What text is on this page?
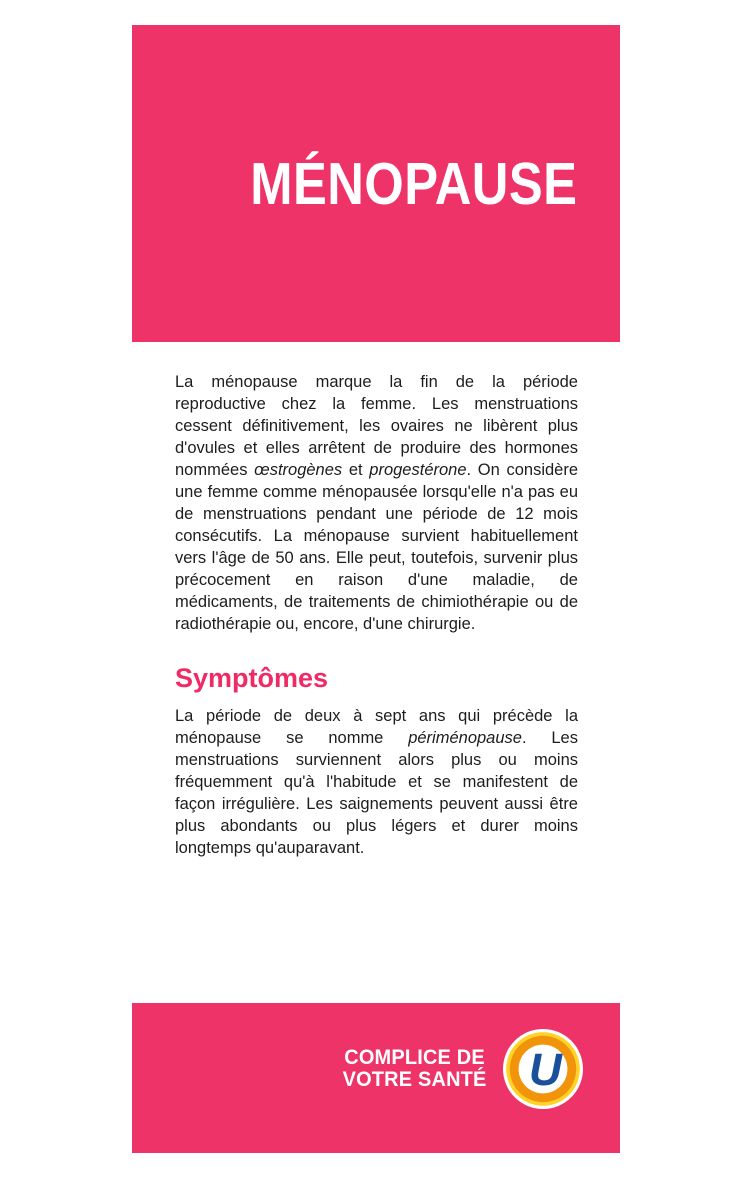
MÉNOPAUSE

La ménopause marque la fin de la période reproductive chez la femme. Les menstruations cessent définitivement, les ovaires ne libèrent plus d'ovules et elles arrêtent de produire des hormones nommées œstrogènes et progestérone. On considère une femme comme ménopausée lorsqu'elle n'a pas eu de menstruations pendant une période de 12 mois consécutifs. La ménopause survient habituellement vers l'âge de 50 ans. Elle peut, toutefois, survenir plus précocement en raison d'une maladie, de médicaments, de traitements de chimiothérapie ou de radiothérapie ou, encore, d'une chirurgie.

Symptômes

La période de deux à sept ans qui précède la ménopause se nomme périménopause. Les menstruations surviennent alors plus ou moins fréquemment qu'à l'habitude et se manifestent de façon irrégulière. Les saignements peuvent aussi être plus abondants ou plus légers et durer moins longtemps qu'auparavant.

COMPLICE DE
VOTRE SANTÉ U
